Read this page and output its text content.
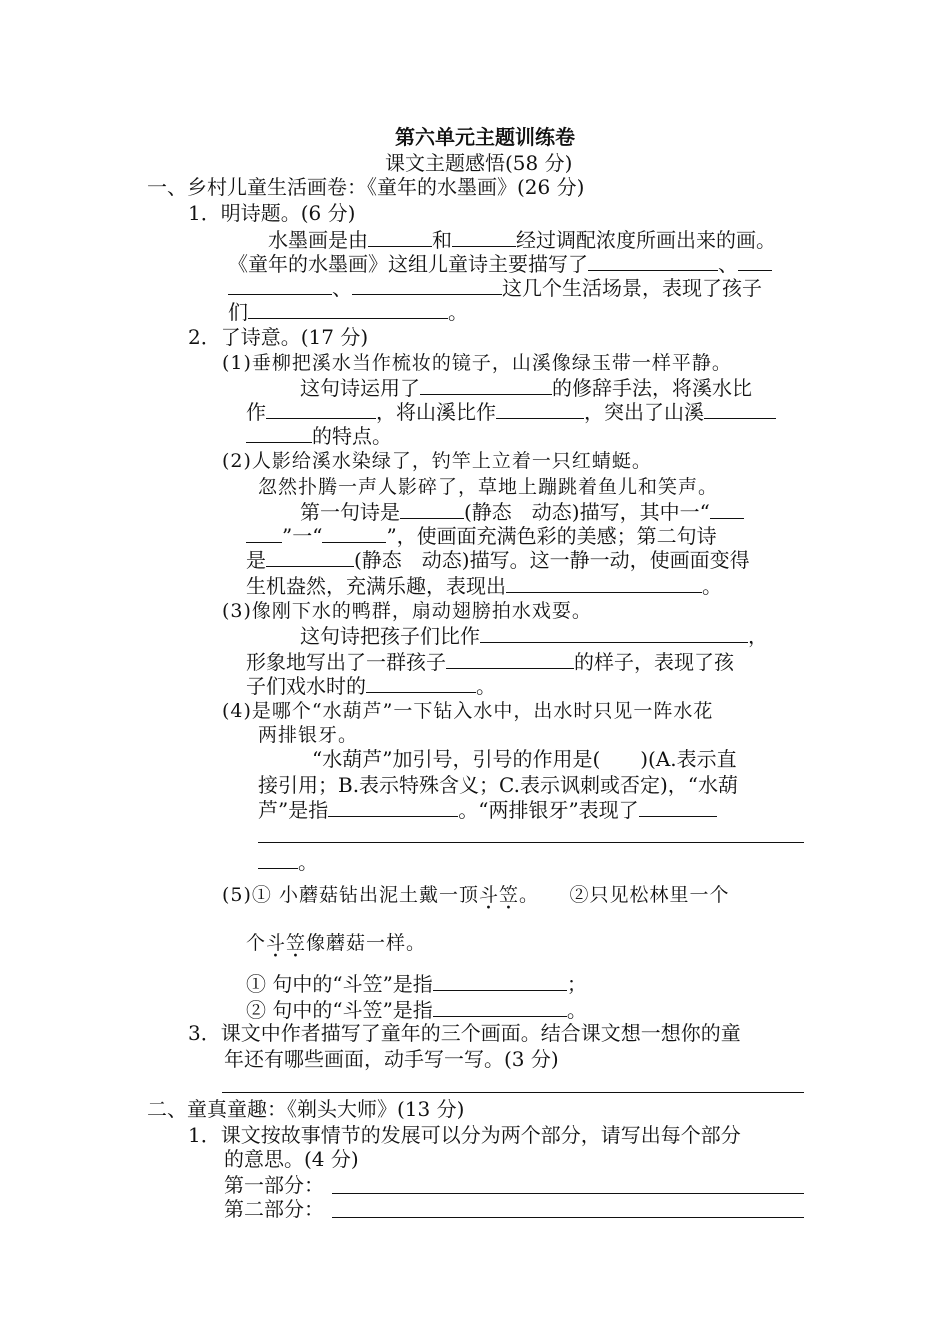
第六单元主题训练卷
课文主题感悟(58 分)
一、乡村儿童生活画卷：《童年的水墨画》(26 分)
1．明诗题。(6 分)
水墨画是由	和	经过调配浓度所画出来的画。
《童年的水墨画》这组儿童诗主要描写了	、
、	这几个生活场景，表现了孩子
们	。
2．了诗意。(17 分)
(1)垂柳把溪水当作梳妆的镜子，山溪像绿玉带一样平静。
这句诗运用了	的修辞手法，将溪水比
作	，将山溪比作	，突出了山溪
的特点。
(2)人影给溪水染绿了，钓竿上立着一只红蜻蜓。
忽然扑腾一声人影碎了，草地上蹦跳着鱼儿和笑声。
第一句诗是	(静态　动态)描写，其中一“
”一“	”，使画面充满色彩的美感；第二句诗
是	(静态　动态)描写。这一静一动，使画面变得
生机盎然，充满乐趣，表现出	。
(3)像刚下水的鸭群，扇动翅膀拍水戏耍。
这句诗把孩子们比作	，
形象地写出了一群孩子	的样子，表现了孩
子们戏水时的	。
(4)是哪个“水葫芦”一下钻入水中，出水时只见一阵水花
两排银牙。
“水葫芦”加引号，引号的作用是(　　)(A.表示直
接引用；B.表示特殊含义；C.表示讽刺或否定)，“水葫
芦”是指	。“两排银牙”表现了
。
(5)① 小蘑菇钻出泥土戴一顶斗笠。　　②只见松林里一个
个斗笠像蘑菇一样。
① 句中的“斗笠”是指	；
② 句中的“斗笠”是指	。
3．课文中作者描写了童年的三个画面。结合课文想一想你的童
年还有哪些画面，动手写一写。(3 分)
二、童真童趣：《剃头大师》(13 分)
1．课文按故事情节的发展可以分为两个部分，请写出每个部分
的意思。(4 分)
第一部分：
第二部分：
